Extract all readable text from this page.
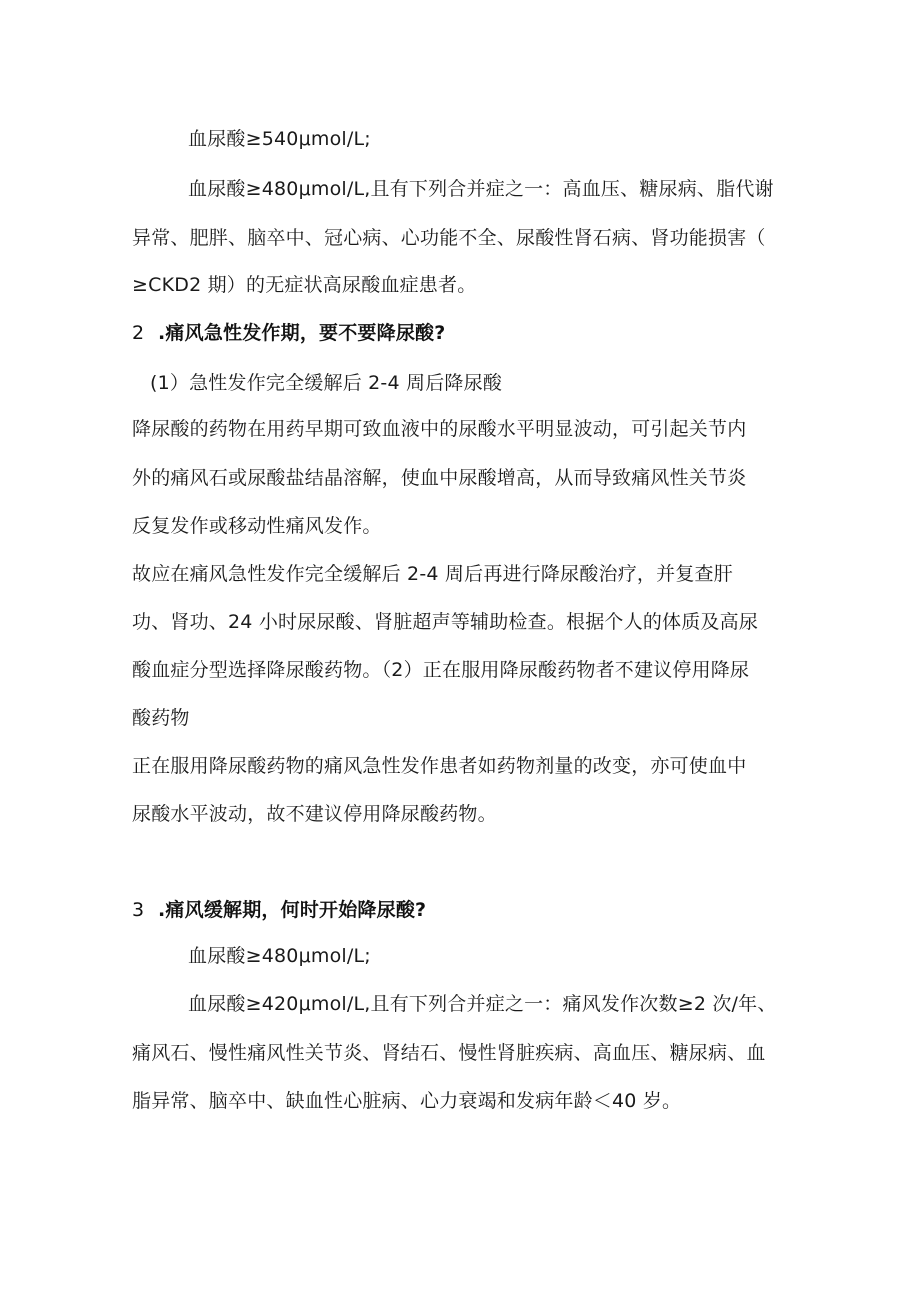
血尿酸≥540μmol/L;
血尿酸≥480μmol/L,且有下列合并症之一：高血压、糖尿病、脂代谢
异常、肥胖、脑卒中、冠心病、心功能不全、尿酸性肾石病、肾功能损害（
≥CKD2 期）的无症状高尿酸血症患者。
2 .痛风急性发作期，要不要降尿酸?
(1）急性发作完全缓解后 2-4 周后降尿酸
降尿酸的药物在用药早期可致血液中的尿酸水平明显波动，可引起关节内
外的痛风石或尿酸盐结晶溶解，使血中尿酸增高，从而导致痛风性关节炎
反复发作或移动性痛风发作。
故应在痛风急性发作完全缓解后 2-4 周后再进行降尿酸治疗，并复查肝
功、肾功、24 小时尿尿酸、肾脏超声等辅助检查。根据个人的体质及高尿
酸血症分型选择降尿酸药物。（2）正在服用降尿酸药物者不建议停用降尿
酸药物
正在服用降尿酸药物的痛风急性发作患者如药物剂量的改变，亦可使血中
尿酸水平波动，故不建议停用降尿酸药物。
3 .痛风缓解期，何时开始降尿酸?
血尿酸≥480μmol/L;
血尿酸≥420μmol/L,且有下列合并症之一：痛风发作次数≥2 次/年、
痛风石、慢性痛风性关节炎、肾结石、慢性肾脏疾病、高血压、糖尿病、血
脂异常、脑卒中、缺血性心脏病、心力衰竭和发病年龄＜40 岁。
